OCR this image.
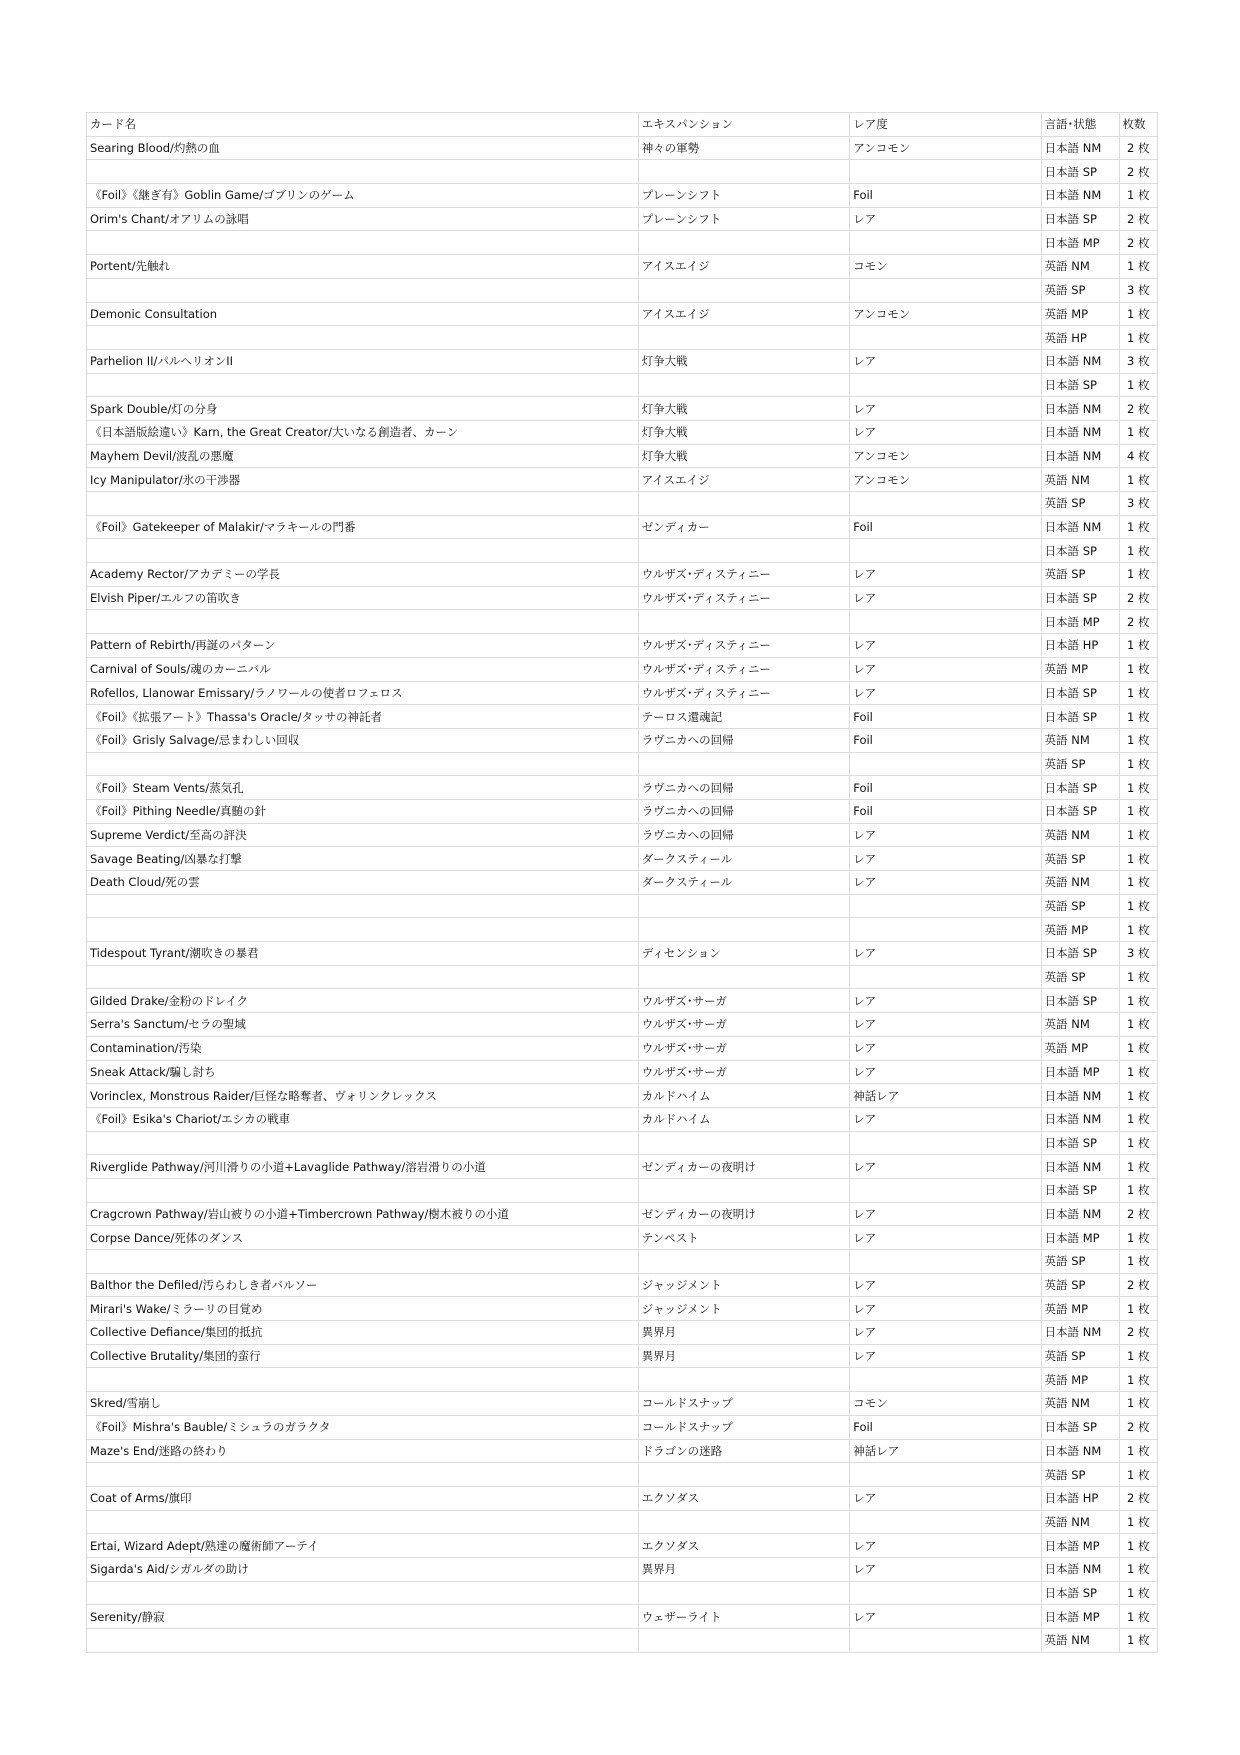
カード名	エキスパンション	レア度	言語･状態	枚数
Searing Blood/灼熱の血	神々の軍勢	アンコモン	日本語 NM	2 枚
			日本語 SP	2 枚
《Foil》《継ぎ有》Goblin Game/ゴブリンのゲーム	プレーンシフト	Foil	日本語 NM	1 枚
Orim's Chant/オアリムの詠唱	プレーンシフト	レア	日本語 SP	2 枚
			日本語 MP	2 枚
Portent/先触れ	アイスエイジ	コモン	英語 NM	1 枚
			英語 SP	3 枚
Demonic Consultation	アイスエイジ	アンコモン	英語 MP	1 枚
			英語 HP	1 枚
Parhelion II/パルヘリオンII	灯争大戦	レア	日本語 NM	3 枚
			日本語 SP	1 枚
Spark Double/灯の分身	灯争大戦	レア	日本語 NM	2 枚
《日本語版絵違い》Karn, the Great Creator/大いなる創造者、カーン	灯争大戦	レア	日本語 NM	1 枚
Mayhem Devil/波乱の悪魔	灯争大戦	アンコモン	日本語 NM	4 枚
Icy Manipulator/氷の干渉器	アイスエイジ	アンコモン	英語 NM	1 枚
			英語 SP	3 枚
《Foil》Gatekeeper of Malakir/マラキールの門番	ゼンディカー	Foil	日本語 NM	1 枚
			日本語 SP	1 枚
Academy Rector/アカデミーの学長	ウルザズ･ディスティニー	レア	英語 SP	1 枚
Elvish Piper/エルフの笛吹き	ウルザズ･ディスティニー	レア	日本語 SP	2 枚
			日本語 MP	2 枚
Pattern of Rebirth/再誕のパターン	ウルザズ･ディスティニー	レア	日本語 HP	1 枚
Carnival of Souls/魂のカーニバル	ウルザズ･ディスティニー	レア	英語 MP	1 枚
Rofellos, Llanowar Emissary/ラノワールの使者ロフェロス	ウルザズ･ディスティニー	レア	日本語 SP	1 枚
《Foil》《拡張アート》Thassa's Oracle/タッサの神託者	テーロス還魂記	Foil	日本語 SP	1 枚
《Foil》Grisly Salvage/忌まわしい回収	ラヴニカへの回帰	Foil	英語 NM	1 枚
			英語 SP	1 枚
《Foil》Steam Vents/蒸気孔	ラヴニカへの回帰	Foil	日本語 SP	1 枚
《Foil》Pithing Needle/真髄の針	ラヴニカへの回帰	Foil	日本語 SP	1 枚
Supreme Verdict/至高の評決	ラヴニカへの回帰	レア	英語 NM	1 枚
Savage Beating/凶暴な打撃	ダークスティール	レア	英語 SP	1 枚
Death Cloud/死の雲	ダークスティール	レア	英語 NM	1 枚
			英語 SP	1 枚
			英語 MP	1 枚
Tidespout Tyrant/潮吹きの暴君	ディセンション	レア	日本語 SP	3 枚
			英語 SP	1 枚
Gilded Drake/金粉のドレイク	ウルザズ･サーガ	レア	日本語 SP	1 枚
Serra's Sanctum/セラの聖域	ウルザズ･サーガ	レア	英語 NM	1 枚
Contamination/汚染	ウルザズ･サーガ	レア	英語 MP	1 枚
Sneak Attack/騙し討ち	ウルザズ･サーガ	レア	日本語 MP	1 枚
Vorinclex, Monstrous Raider/巨怪な略奪者、ヴォリンクレックス	カルドハイム	神話レア	日本語 NM	1 枚
《Foil》Esika's Chariot/エシカの戦車	カルドハイム	レア	日本語 NM	1 枚
			日本語 SP	1 枚
Riverglide Pathway/河川滑りの小道+Lavaglide Pathway/溶岩滑りの小道	ゼンディカーの夜明け	レア	日本語 NM	1 枚
			日本語 SP	1 枚
Cragcrown Pathway/岩山被りの小道+Timbercrown Pathway/樹木被りの小道	ゼンディカーの夜明け	レア	日本語 NM	2 枚
Corpse Dance/死体のダンス	テンペスト	レア	日本語 MP	1 枚
			英語 SP	1 枚
Balthor the Defiled/汚らわしき者バルソー	ジャッジメント	レア	英語 SP	2 枚
Mirari's Wake/ミラーリの目覚め	ジャッジメント	レア	英語 MP	1 枚
Collective Defiance/集団的抵抗	異界月	レア	日本語 NM	2 枚
Collective Brutality/集団的蛮行	異界月	レア	英語 SP	1 枚
			英語 MP	1 枚
Skred/雪崩し	コールドスナップ	コモン	英語 NM	1 枚
《Foil》Mishra's Bauble/ミシュラのガラクタ	コールドスナップ	Foil	日本語 SP	2 枚
Maze's End/迷路の終わり	ドラゴンの迷路	神話レア	日本語 NM	1 枚
			英語 SP	1 枚
Coat of Arms/旗印	エクソダス	レア	日本語 HP	2 枚
			英語 NM	1 枚
Ertai, Wizard Adept/熟達の魔術師アーテイ	エクソダス	レア	日本語 MP	1 枚
Sigarda's Aid/シガルダの助け	異界月	レア	日本語 NM	1 枚
			日本語 SP	1 枚
Serenity/静寂	ウェザーライト	レア	日本語 MP	1 枚
			英語 NM	1 枚
